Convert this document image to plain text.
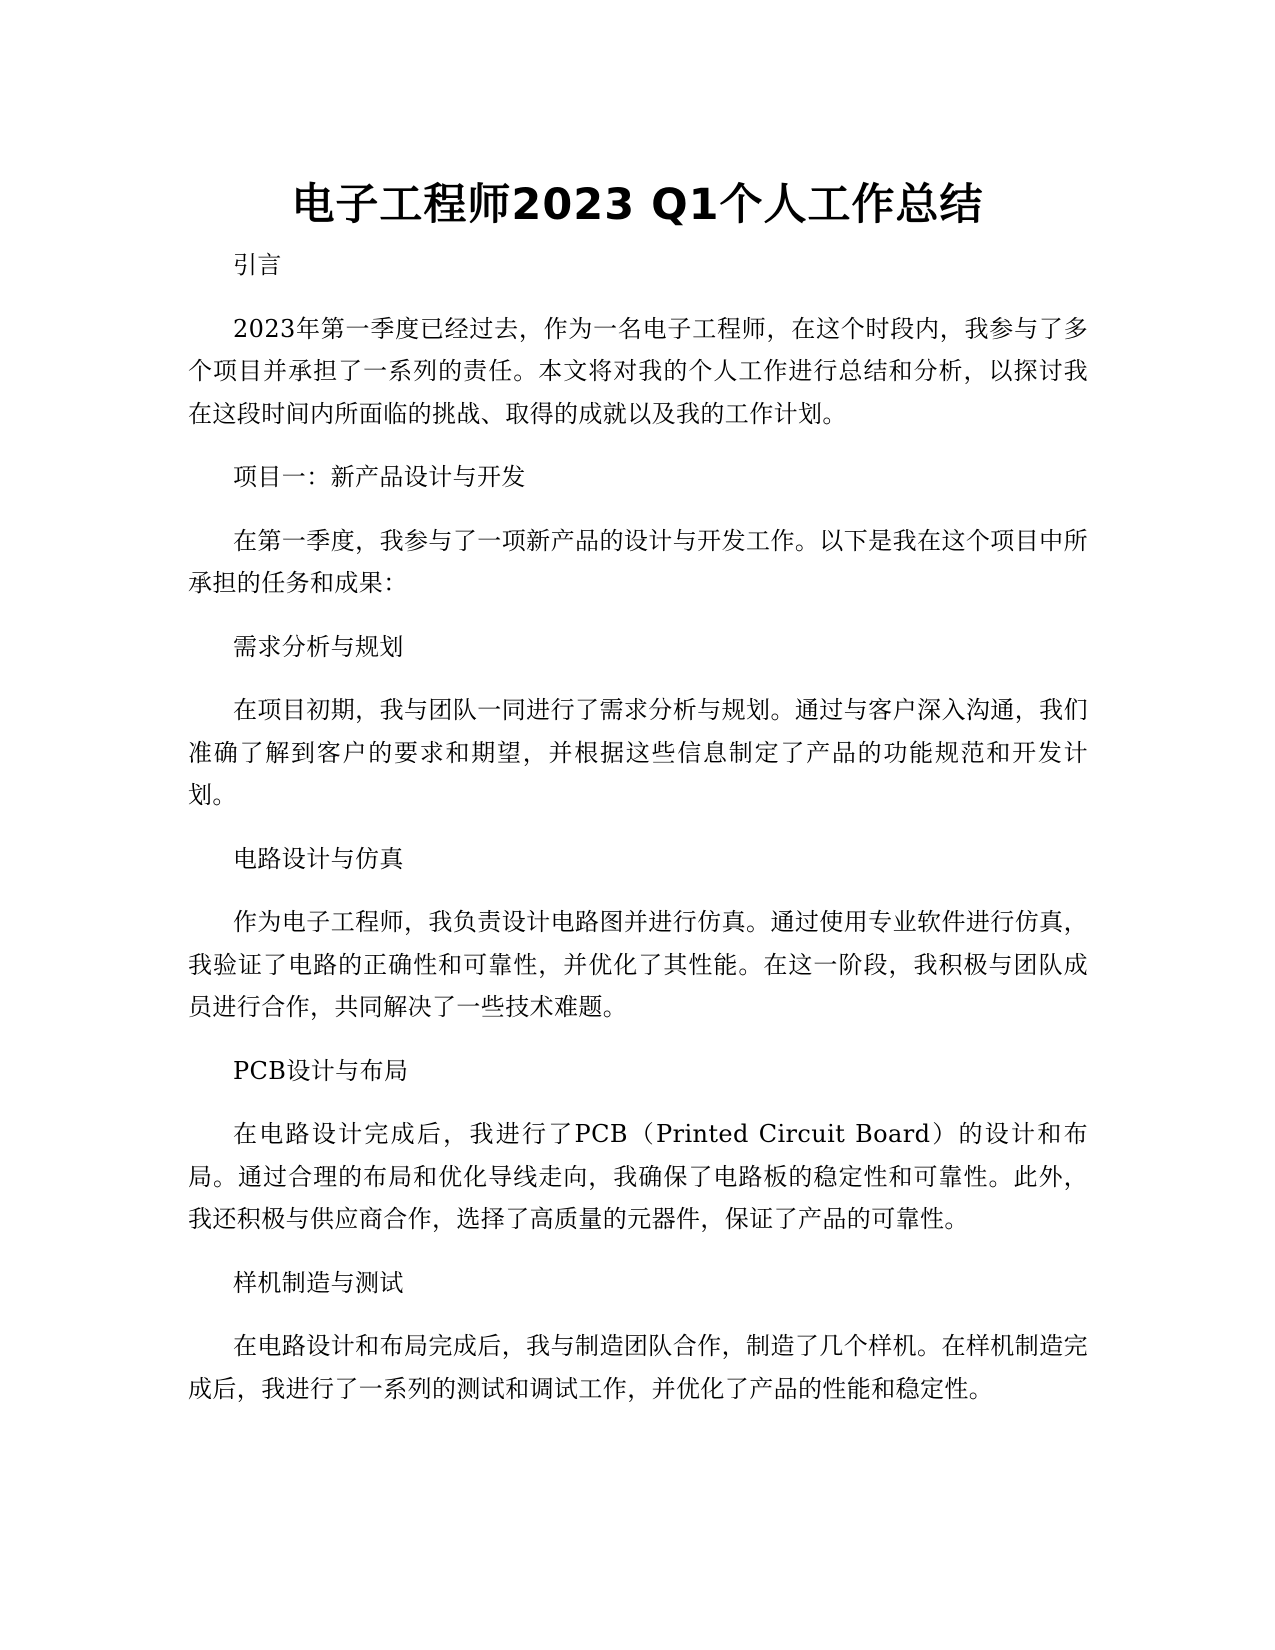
电子工程师2023 Q1个人工作总结

引言

2023年第一季度已经过去，作为一名电子工程师，在这个时段内，我参与了多个项目并承担了一系列的责任。本文将对我的个人工作进行总结和分析，以探讨我在这段时间内所面临的挑战、取得的成就以及我的工作计划。

项目一：新产品设计与开发

在第一季度，我参与了一项新产品的设计与开发工作。以下是我在这个项目中所承担的任务和成果：

需求分析与规划

在项目初期，我与团队一同进行了需求分析与规划。通过与客户深入沟通，我们准确了解到客户的要求和期望，并根据这些信息制定了产品的功能规范和开发计划。

电路设计与仿真

作为电子工程师，我负责设计电路图并进行仿真。通过使用专业软件进行仿真，我验证了电路的正确性和可靠性，并优化了其性能。在这一阶段，我积极与团队成员进行合作，共同解决了一些技术难题。

PCB设计与布局

在电路设计完成后，我进行了PCB（Printed Circuit Board）的设计和布局。通过合理的布局和优化导线走向，我确保了电路板的稳定性和可靠性。此外，我还积极与供应商合作，选择了高质量的元器件，保证了产品的可靠性。

样机制造与测试

在电路设计和布局完成后，我与制造团队合作，制造了几个样机。在样机制造完成后，我进行了一系列的测试和调试工作，并优化了产品的性能和稳定性。
